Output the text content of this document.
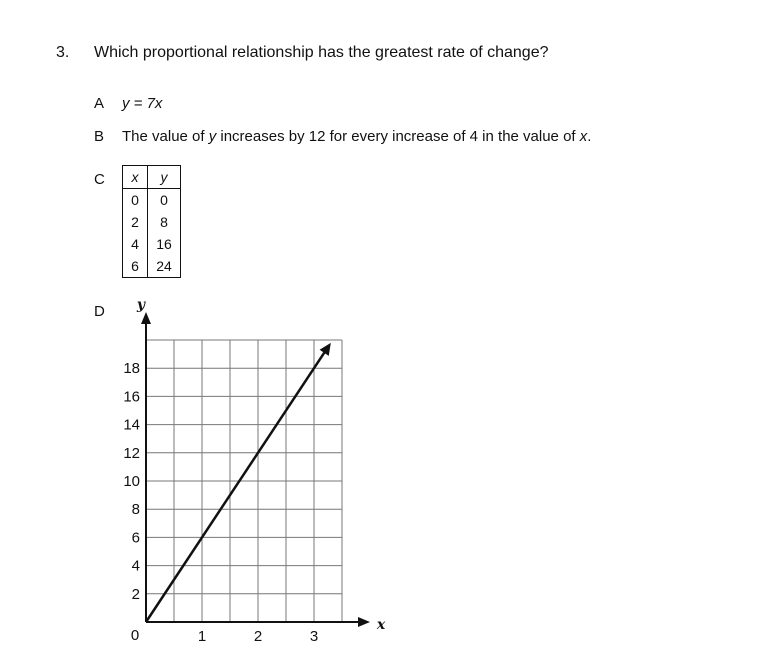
3. Which proportional relationship has the greatest rate of change?
A y = 7x
B The value of y increases by 12 for every increase of 4 in the value of x.
C x	y
0	0
2	8
4	16
6	24
D
1	2	3
2
4
6
8
10
12
14
16
18
y
x
0
